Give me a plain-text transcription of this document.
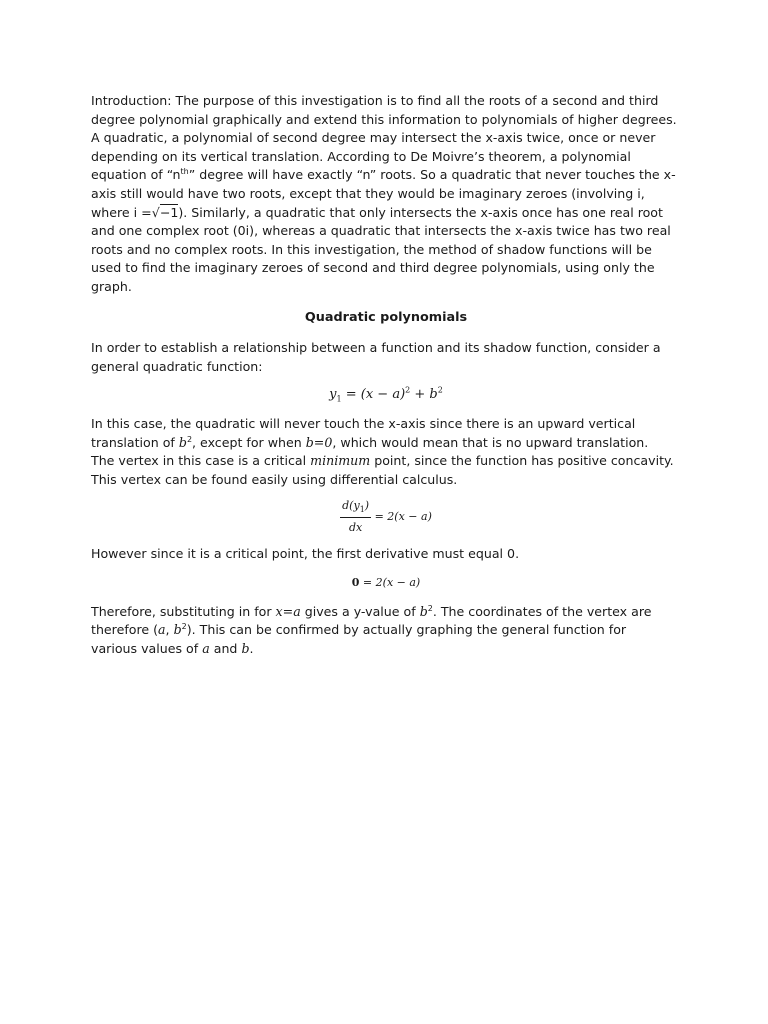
Introduction: The purpose of this investigation is to find all the roots of a second and third
degree polynomial graphically and extend this information to polynomials of higher degrees.
A quadratic, a polynomial of second degree may intersect the x-axis twice, once or never
depending on its vertical translation. According to De Moivre’s theorem, a polynomial
equation of “$n^{th}$” degree will have exactly “n” roots. So a quadratic that never touches the x-
axis still would have two roots, except that they would be imaginary zeroes (involving i,
where i =√−1). Similarly, a quadratic that only intersects the x-axis once has one real root
and one complex root (0i), whereas a quadratic that intersects the x-axis twice has two real
roots and no complex roots. In this investigation, the method of shadow functions will be
used to find the imaginary zeroes of second and third degree polynomials, using only the
graph.
Quadratic polynomials
In order to establish a relationship between a function and its shadow function, consider a
general quadratic function:
$y_1 = (x - a)^2 + b^2$
In this case, the quadratic will never touch the x-axis since there is an upward vertical
translation of $b^2$, except for when b=0, which would mean that is no upward translation.
The vertex in this case is a critical minimum point, since the function has positive concavity.
This vertex can be found easily using differential calculus.
$\frac{d(y_1)}{dx} = 2(x - a)$
However since it is a critical point, the first derivative must equal 0.
0 = 2(x − a)
Therefore, substituting in for x=a gives a y-value of $b^2$. The coordinates of the vertex are
therefore (a, $b^2$). This can be confirmed by actually graphing the general function for
various values of a and b.
